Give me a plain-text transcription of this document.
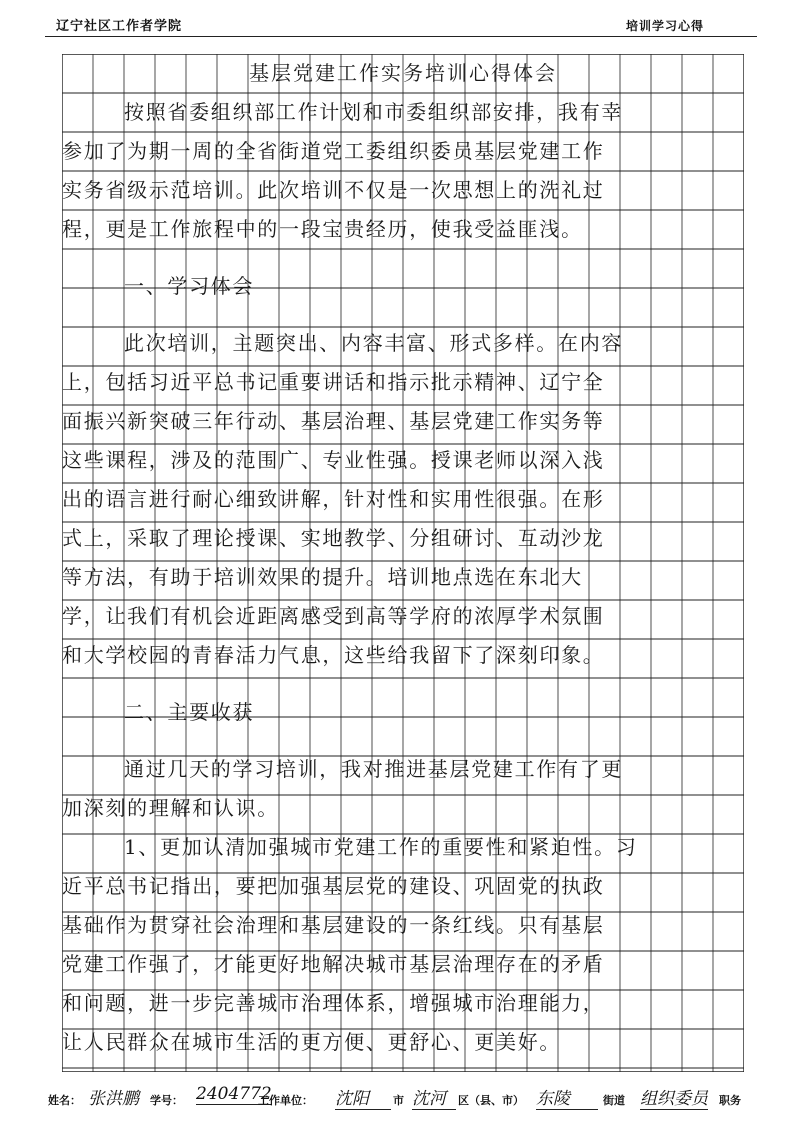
辽宁社区工作者学院	培训学习心得
基层党建工作实务培训心得体会
按照省委组织部工作计划和市委组织部安排，我有幸
参加了为期一周的全省街道党工委组织委员基层党建工作
实务省级示范培训。此次培训不仅是一次思想上的洗礼过
程，更是工作旅程中的一段宝贵经历，使我受益匪浅。
一、学习体会
此次培训，主题突出、内容丰富、形式多样。在内容
上，包括习近平总书记重要讲话和指示批示精神、辽宁全
面振兴新突破三年行动、基层治理、基层党建工作实务等
这些课程，涉及的范围广、专业性强。授课老师以深入浅
出的语言进行耐心细致讲解，针对性和实用性很强。在形
式上，采取了理论授课、实地教学、分组研讨、互动沙龙
等方法，有助于培训效果的提升。培训地点选在东北大
学，让我们有机会近距离感受到高等学府的浓厚学术氛围
和大学校园的青春活力气息，这些给我留下了深刻印象。
二、主要收获
通过几天的学习培训，我对推进基层党建工作有了更
加深刻的理解和认识。
1、更加认清加强城市党建工作的重要性和紧迫性。习
近平总书记指出，要把加强基层党的建设、巩固党的执政
基础作为贯穿社会治理和基层建设的一条红线。只有基层
党建工作强了，才能更好地解决城市基层治理存在的矛盾
和问题，进一步完善城市治理体系，增强城市治理能力，
让人民群众在城市生活的更方便、更舒心、更美好。
姓名： 张洪鹏 学号： 2404772
工作单位： 沈阳	市 沈河	区（县、市） 东陵	街道 组织委员 职务
